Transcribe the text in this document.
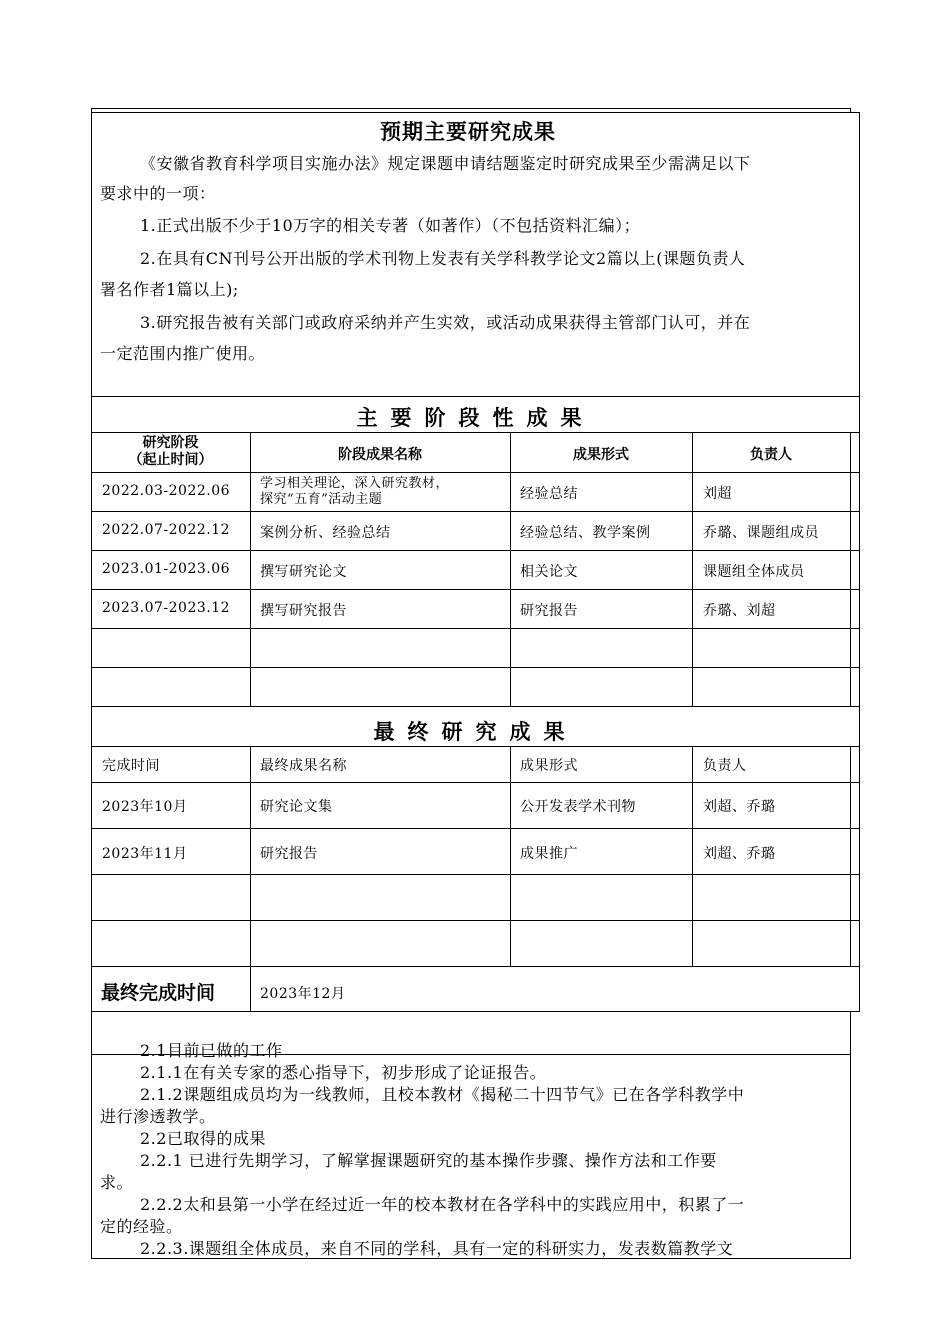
预期主要研究成果
《安徽省教育科学项目实施办法》规定课题申请结题鉴定时研究成果至少需满足以下
要求中的一项：
1.正式出版不少于10万字的相关专著（如著作）（不包括资料汇编）；
2.在具有CN刊号公开出版的学术刊物上发表有关学科教学论文2篇以上(课题负责人
署名作者1篇以上);
3.研究报告被有关部门或政府采纳并产生实效，或活动成果获得主管部门认可，并在
一定范围内推广使用。
主要阶段性成果
研究阶段
（起止时间）	阶段成果名称	成果形式	负责人
2022.03-2022.06 学习相关理论，深入研究教材，
探究“五育”活动主题	经验总结	刘超
2022.07-2022.12 案例分析、经验总结	经验总结、教学案例	乔璐、课题组成员
2023.01-2023.06 撰写研究论文	相关论文	课题组全体成员
2023.07-2023.12 撰写研究报告	研究报告	乔璐、刘超
最终研究成果
完成时间	最终成果名称	成果形式	负责人
2023年10月	研究论文集	公开发表学术刊物	刘超、乔璐
2023年11月	研究报告	成果推广	刘超、乔璐
最终完成时间	2023年12月
2.1目前已做的工作
2.1.1在有关专家的悉心指导下，初步形成了论证报告。
2.1.2课题组成员均为一线教师，且校本教材《揭秘二十四节气》已在各学科教学中
进行渗透教学。
2.2已取得的成果
2.2.1 已进行先期学习，了解掌握课题研究的基本操作步骤、操作方法和工作要
求。
2.2.2太和县第一小学在经过近一年的校本教材在各学科中的实践应用中，积累了一
定的经验。
2.2.3.课题组全体成员，来自不同的学科，具有一定的科研实力，发表数篇教学文
